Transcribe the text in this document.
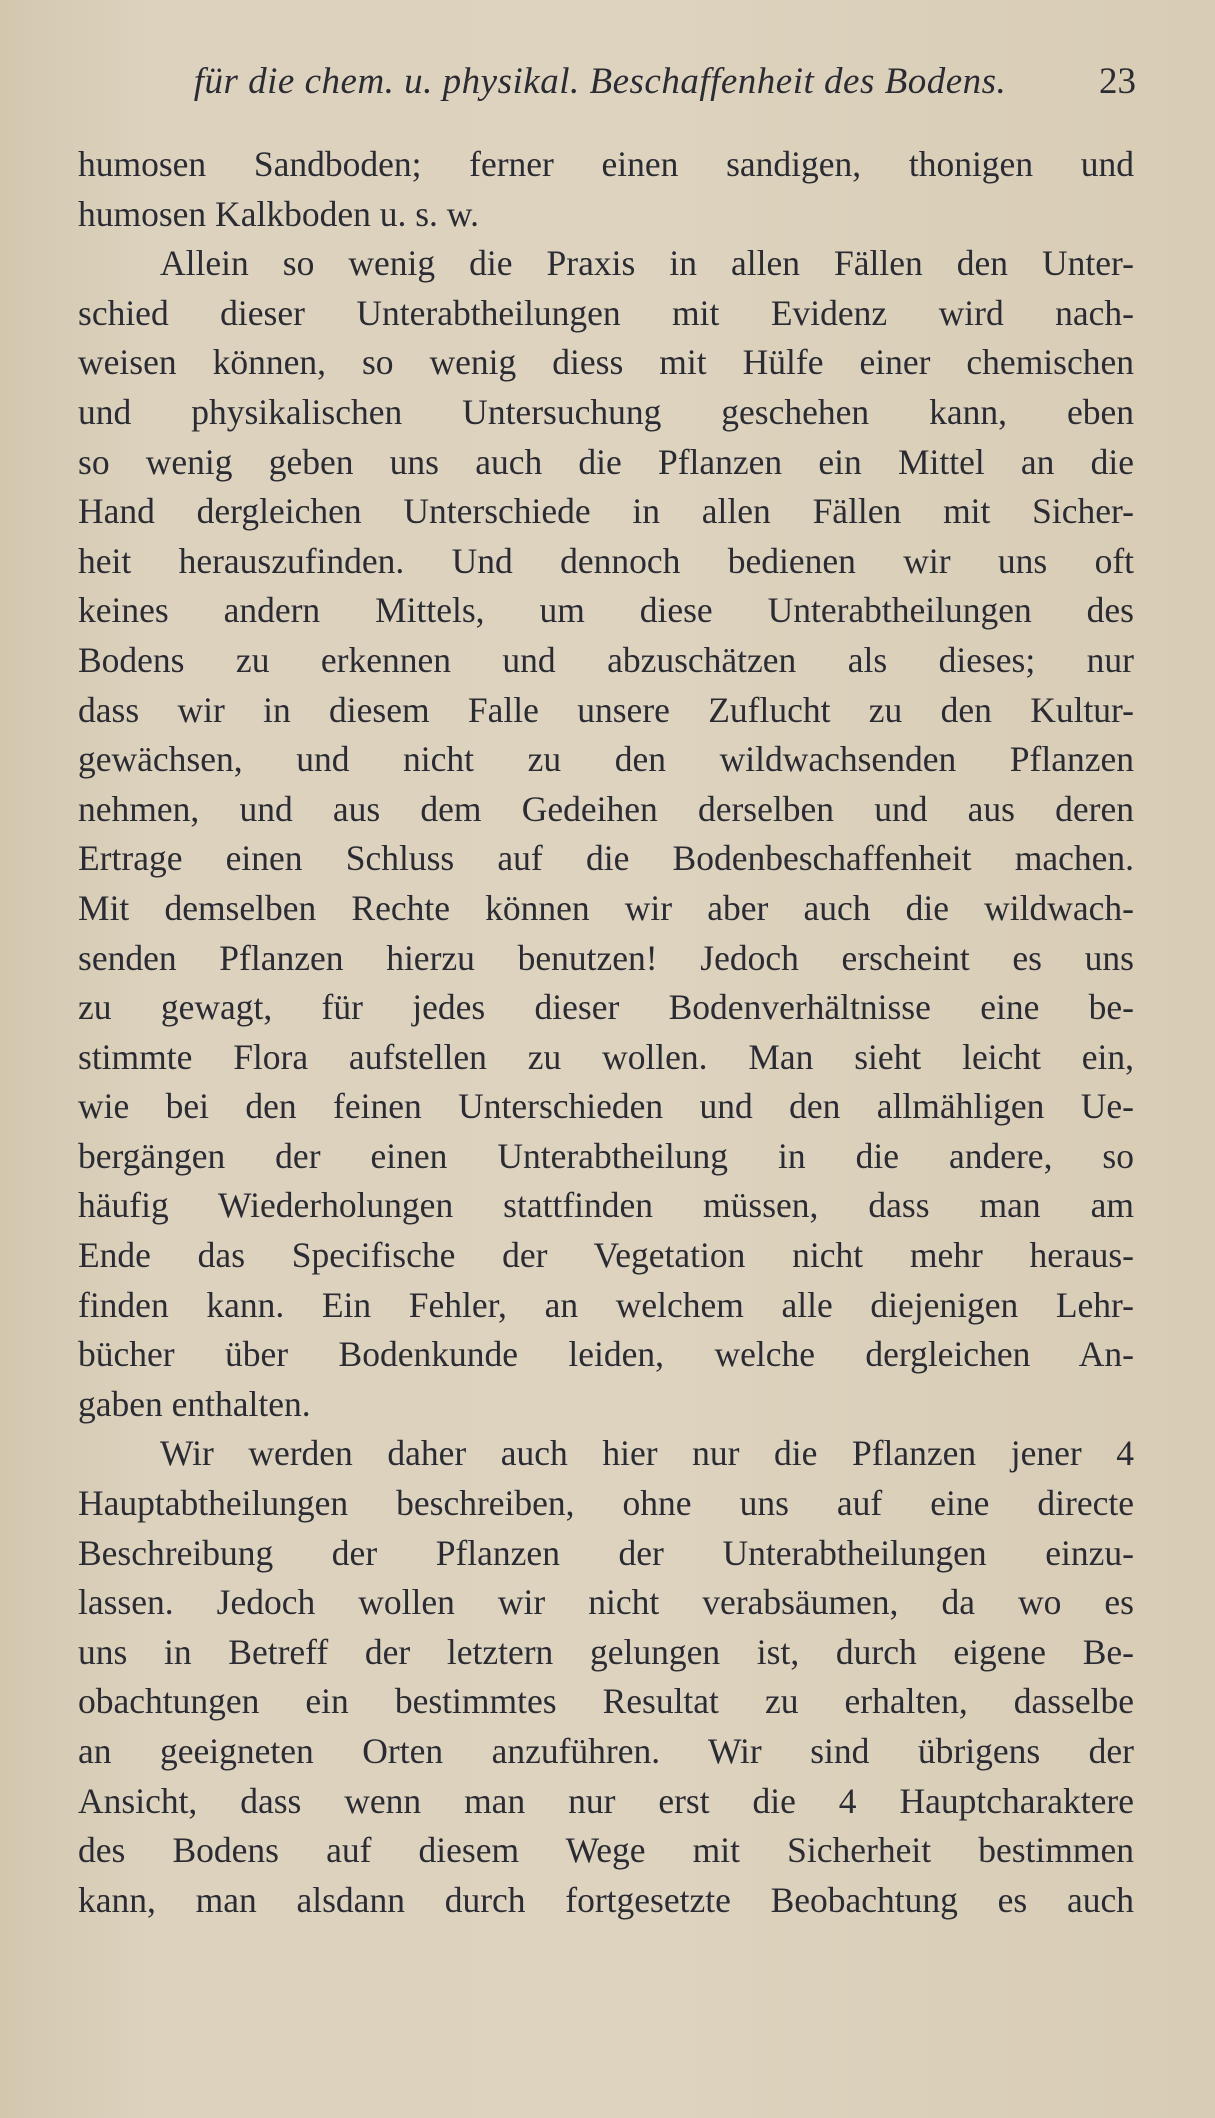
für die chem. u. physikal. Beschaffenheit des Bodens.	23
humosen Sandboden; ferner einen sandigen, thonigen und
humosen Kalkboden u. s. w.
Allein so wenig die Praxis in allen Fällen den Unter-
schied dieser Unterabtheilungen mit Evidenz wird nach-
weisen können, so wenig diess mit Hülfe einer chemischen
und physikalischen Untersuchung geschehen kann, eben
so wenig geben uns auch die Pflanzen ein Mittel an die
Hand dergleichen Unterschiede in allen Fällen mit Sicher-
heit herauszufinden. Und dennoch bedienen wir uns oft
keines andern Mittels, um diese Unterabtheilungen des
Bodens zu erkennen und abzuschätzen als dieses; nur
dass wir in diesem Falle unsere Zuflucht zu den Kultur-
gewächsen, und nicht zu den wildwachsenden Pflanzen
nehmen, und aus dem Gedeihen derselben und aus deren
Ertrage einen Schluss auf die Bodenbeschaffenheit machen.
Mit demselben Rechte können wir aber auch die wildwach-
senden Pflanzen hierzu benutzen! Jedoch erscheint es uns
zu gewagt, für jedes dieser Bodenverhältnisse eine be-
stimmte Flora aufstellen zu wollen. Man sieht leicht ein,
wie bei den feinen Unterschieden und den allmähligen Ue-
bergängen der einen Unterabtheilung in die andere, so
häufig Wiederholungen stattfinden müssen, dass man am
Ende das Specifische der Vegetation nicht mehr heraus-
finden kann. Ein Fehler, an welchem alle diejenigen Lehr-
bücher über Bodenkunde leiden, welche dergleichen An-
gaben enthalten.
Wir werden daher auch hier nur die Pflanzen jener 4
Hauptabtheilungen beschreiben, ohne uns auf eine directe
Beschreibung der Pflanzen der Unterabtheilungen einzu-
lassen. Jedoch wollen wir nicht verabsäumen, da wo es
uns in Betreff der letztern gelungen ist, durch eigene Be-
obachtungen ein bestimmtes Resultat zu erhalten, dasselbe
an geeigneten Orten anzuführen. Wir sind übrigens der
Ansicht, dass wenn man nur erst die 4 Hauptcharaktere
des Bodens auf diesem Wege mit Sicherheit bestimmen
kann, man alsdann durch fortgesetzte Beobachtung es auch
